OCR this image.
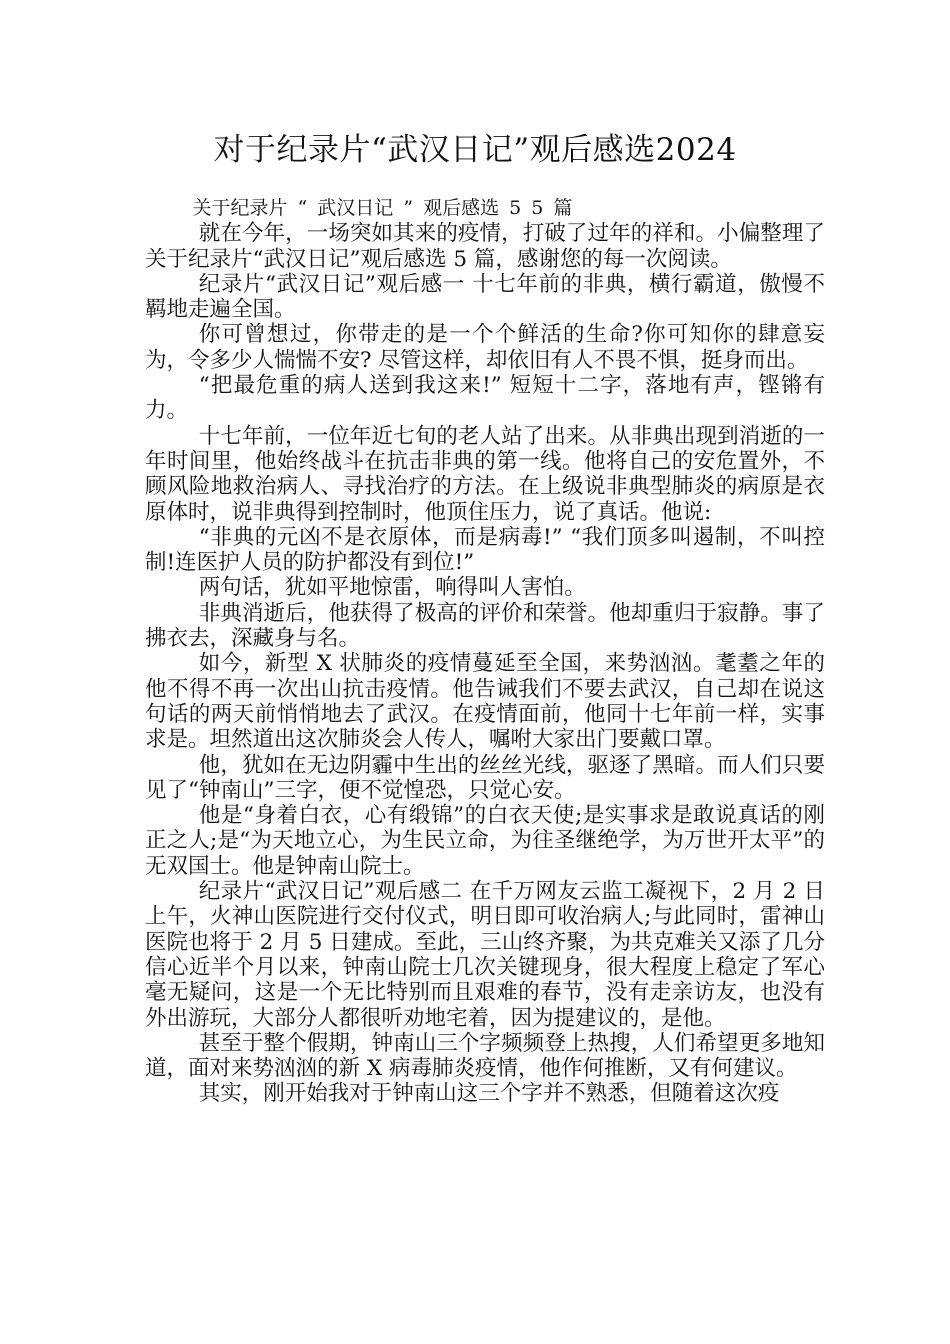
对于纪录片“武汉日记”观后感选2024

关于纪录片 “ 武汉日记 ” 观后感选 5 5 篇

就在今年，一场突如其来的疫情，打破了过年的祥和。小偏整理了关于纪录片“武汉日记”观后感选 5 篇，感谢您的每一次阅读。

纪录片“武汉日记”观后感一 十七年前的非典，横行霸道，傲慢不羁地走遍全国。

你可曾想过，你带走的是一个个鲜活的生命?你可知你的肆意妄为，令多少人惴惴不安? 尽管这样，却依旧有人不畏不惧，挺身而出。

“把最危重的病人送到我这来!” 短短十二字，落地有声，铿锵有力。

十七年前，一位年近七旬的老人站了出来。从非典出现到消逝的一年时间里，他始终战斗在抗击非典的第一线。他将自己的安危置外，不顾风险地救治病人、寻找治疗的方法。在上级说非典型肺炎的病原是衣原体时，说非典得到控制时，他顶住压力，说了真话。他说:

“非典的元凶不是衣原体，而是病毒!” “我们顶多叫遏制，不叫控制!连医护人员的防护都没有到位!”

两句话，犹如平地惊雷，响得叫人害怕。

非典消逝后，他获得了极高的评价和荣誉。他却重归于寂静。事了拂衣去，深藏身与名。

如今，新型 X 状肺炎的疫情蔓延至全国，来势汹汹。耄耋之年的他不得不再一次出山抗击疫情。他告诫我们不要去武汉，自己却在说这句话的两天前悄悄地去了武汉。在疫情面前，他同十七年前一样，实事求是。坦然道出这次肺炎会人传人，嘱咐大家出门要戴口罩。

他，犹如在无边阴霾中生出的丝丝光线，驱逐了黑暗。而人们只要见了“钟南山”三字，便不觉惶恐，只觉心安。

他是“身着白衣，心有缎锦”的白衣天使;是实事求是敢说真话的刚正之人;是“为天地立心，为生民立命，为往圣继绝学，为万世开太平”的无双国士。他是钟南山院士。

纪录片“武汉日记”观后感二 在千万网友云监工凝视下，2 月 2 日上午，火神山医院进行交付仪式，明日即可收治病人;与此同时，雷神山医院也将于 2 月 5 日建成。至此，三山终齐聚，为共克难关又添了几分信心近半个月以来，钟南山院士几次关键现身，很大程度上稳定了军心 毫无疑问，这是一个无比特别而且艰难的春节，没有走亲访友，也没有外出游玩，大部分人都很听劝地宅着，因为提建议的，是他。

甚至于整个假期，钟南山三个字频频登上热搜，人们希望更多地知道，面对来势汹汹的新 X 病毒肺炎疫情，他作何推断，又有何建议。

其实，刚开始我对于钟南山这三个字并不熟悉，但随着这次疫
